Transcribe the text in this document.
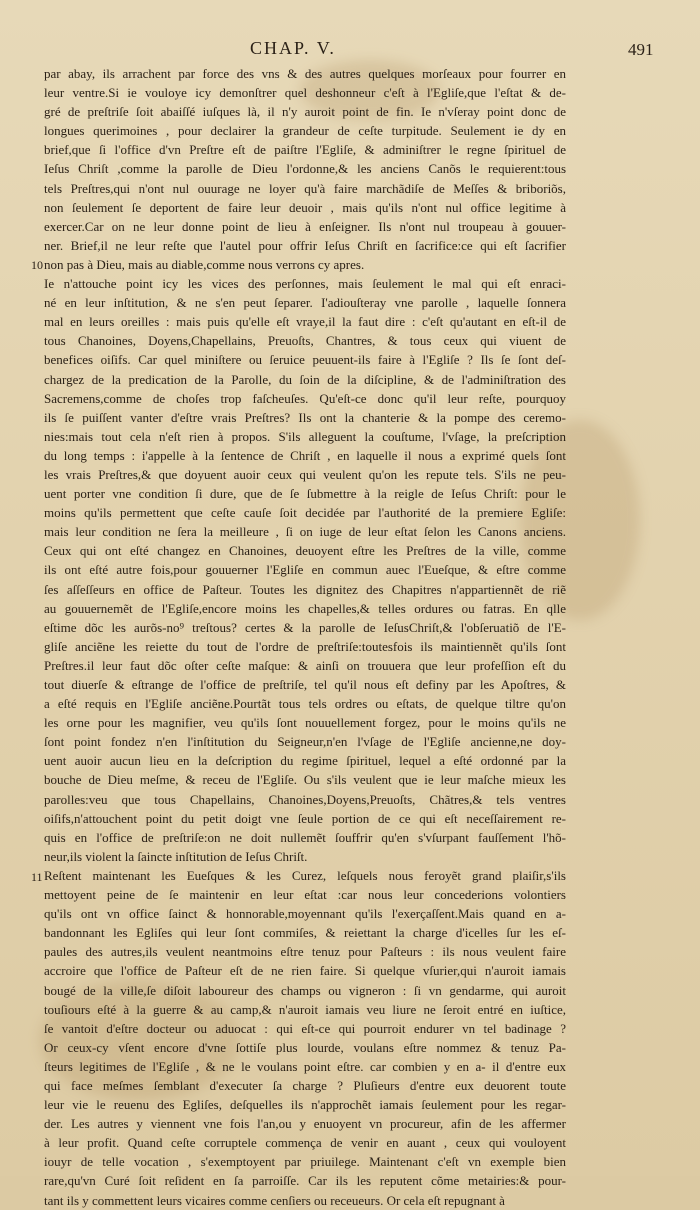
CHAP. V.	491
10
11
par abay, ils arrachent par force des vns & des autres quelques morſeaux pour fourrer en
leur ventre.Si ie vouloye icy demonſtrer quel deshonneur c'eſt à l'Egliſe,que l'eſtat & de-
gré de preſtriſe ſoit abaiſſé iuſques là, il n'y auroit point de fin. Ie n'vſeray point donc de
longues querimoines , pour declairer la grandeur de ceſte turpitude. Seulement ie dy en
brief,que ſi l'office d'vn Preſtre eſt de paiſtre l'Egliſe, & adminiſtrer le regne ſpirituel de
Ieſus Chriſt ,comme la parolle de Dieu l'ordonne,& les anciens Canõs le requierent:tous
tels Preſtres,qui n'ont nul ouurage ne loyer qu'à faire marchãdiſe de Meſſes & briboriõs,
non ſeulement ſe deportent de faire leur deuoir , mais qu'ils n'ont nul office legitime à
exercer.Car on ne leur donne point de lieu à enſeigner. Ils n'ont nul troupeau à gouuer-
ner. Brief,il ne leur reſte que l'autel pour offrir Ieſus Chriſt en ſacrifice:ce qui eſt ſacrifier
non pas à Dieu, mais au diable,comme nous verrons cy apres.
Ie n'attouche point icy les vices des perſonnes, mais ſeulement le mal qui eſt enraci-
né en leur inſtitution, & ne s'en peut ſeparer. I'adiouſteray vne parolle , laquelle ſonnera
mal en leurs oreilles : mais puis qu'elle eſt vraye,il la faut dire : c'eſt qu'autant en eſt-il de
tous Chanoines, Doyens,Chapellains, Preuoſts, Chantres, & tous ceux qui viuent de
benefices oiſifs. Car quel miniſtere ou ſeruice peuuent-ils faire à l'Egliſe ? Ils ſe ſont deſ-
chargez de la predication de la Parolle, du ſoin de la diſcipline, & de l'adminiſtration des
Sacremens,comme de choſes trop faſcheuſes. Qu'eſt-ce donc qu'il leur reſte, pourquoy
ils ſe puiſſent vanter d'eſtre vrais Preſtres? Ils ont la chanterie & la pompe des ceremo-
nies:mais tout cela n'eſt rien à propos. S'ils alleguent la couſtume, l'vſage, la preſcription
du long temps : i'appelle à la ſentence de Chriſt , en laquelle il nous a exprimé quels ſont
les vrais Preſtres,& que doyuent auoir ceux qui veulent qu'on les repute tels. S'ils ne peu-
uent porter vne condition ſi dure, que de ſe ſubmettre à la reigle de Ieſus Chriſt: pour le
moins qu'ils permettent que ceſte cauſe ſoit decidée par l'authorité de la premiere Egliſe:
mais leur condition ne ſera la meilleure , ſi on iuge de leur eſtat ſelon les Canons anciens.
Ceux qui ont eſté changez en Chanoines, deuoyent eſtre les Preſtres de la ville, comme
ils ont eſté autre fois,pour gouuerner l'Egliſe en commun auec l'Eueſque, & eſtre comme
ſes aſſeſſeurs en office de Paſteur. Toutes les dignitez des Chapitres n'appartiennẽt de riẽ
au gouuernemẽt de l'Egliſe,encore moins les chapelles,& telles ordures ou fatras. En qlle
eſtime dõc les aurõs-no⁹ treſtous? certes & la parolle de IeſusChriſt,& l'obſeruatiõ de l'E-
gliſe anciẽne les reiette du tout de l'ordre de preſtriſe:toutesfois ils maintiennẽt qu'ils ſont
Preſtres.il leur faut dõc oſter ceſte maſque: & ainſi on trouuera que leur profeſſion eſt du
tout diuerſe & eſtrange de l'office de preſtriſe, tel qu'il nous eſt definy par les Apoſtres, &
a eſté requis en l'Egliſe anciẽne.Pourtãt tous tels ordres ou eſtats, de quelque tiltre qu'on
les orne pour les magnifier, veu qu'ils ſont nouuellement forgez, pour le moins qu'ils ne
ſont point fondez n'en l'inſtitution du Seigneur,n'en l'vſage de l'Egliſe ancienne,ne doy-
uent auoir aucun lieu en la deſcription du regime ſpirituel, lequel a eſté ordonné par la
bouche de Dieu meſme, & receu de l'Egliſe. Ou s'ils veulent que ie leur maſche mieux les
parolles:veu que tous Chapellains, Chanoines,Doyens,Preuoſts, Chãtres,& tels ventres
oiſifs,n'attouchent point du petit doigt vne ſeule portion de ce qui eſt neceſſairement re-
quis en l'office de preſtriſe:on ne doit nullemẽt ſouffrir qu'en s'vſurpant fauſſement l'hõ-
neur,ils violent la ſaincte inſtitution de Ieſus Chriſt.
Reſtent maintenant les Eueſques & les Curez, leſquels nous feroyẽt grand plaiſir,s'ils
mettoyent peine de ſe maintenir en leur eſtat :car nous leur concederions volontiers
qu'ils ont vn office ſainct & honnorable,moyennant qu'ils l'exerçaſſent.Mais quand en a-
bandonnant les Egliſes qui leur ſont commiſes, & reiettant la charge d'icelles ſur les eſ-
paules des autres,ils veulent neantmoins eſtre tenuz pour Paſteurs : ils nous veulent faire
accroire que l'office de Paſteur eſt de ne rien faire. Si quelque vſurier,qui n'auroit iamais
bougé de la ville,ſe diſoit laboureur des champs ou vigneron : ſi vn gendarme, qui auroit
touſiours eſté à la guerre & au camp,& n'auroit iamais veu liure ne ſeroit entré en iuſtice,
ſe vantoit d'eſtre docteur ou aduocat : qui eſt-ce qui pourroit endurer vn tel badinage ?
Or ceux-cy vſent encore d'vne ſottiſe plus lourde, voulans eſtre nommez & tenuz Pa-
ſteurs legitimes de l'Egliſe , & ne le voulans point eſtre. car combien y en a- il d'entre eux
qui face meſmes ſemblant d'executer ſa charge ? Pluſieurs d'entre eux deuorent toute
leur vie le reuenu des Egliſes, deſquelles ils n'approchẽt iamais ſeulement pour les regar-
der. Les autres y viennent vne fois l'an,ou y enuoyent vn procureur, afin de les affermer
à leur profit. Quand ceſte corruptele commença de venir en auant , ceux qui vouloyent
iouyr de telle vocation , s'exemptoyent par priuilege. Maintenant c'eſt vn exemple bien
rare,qu'vn Curé ſoit reſident en ſa parroiſſe. Car ils les reputent cõme metairies:& pour-
tant ils y commettent leurs vicaires comme cenſiers ou receueurs. Or cela eſt repugnant à
